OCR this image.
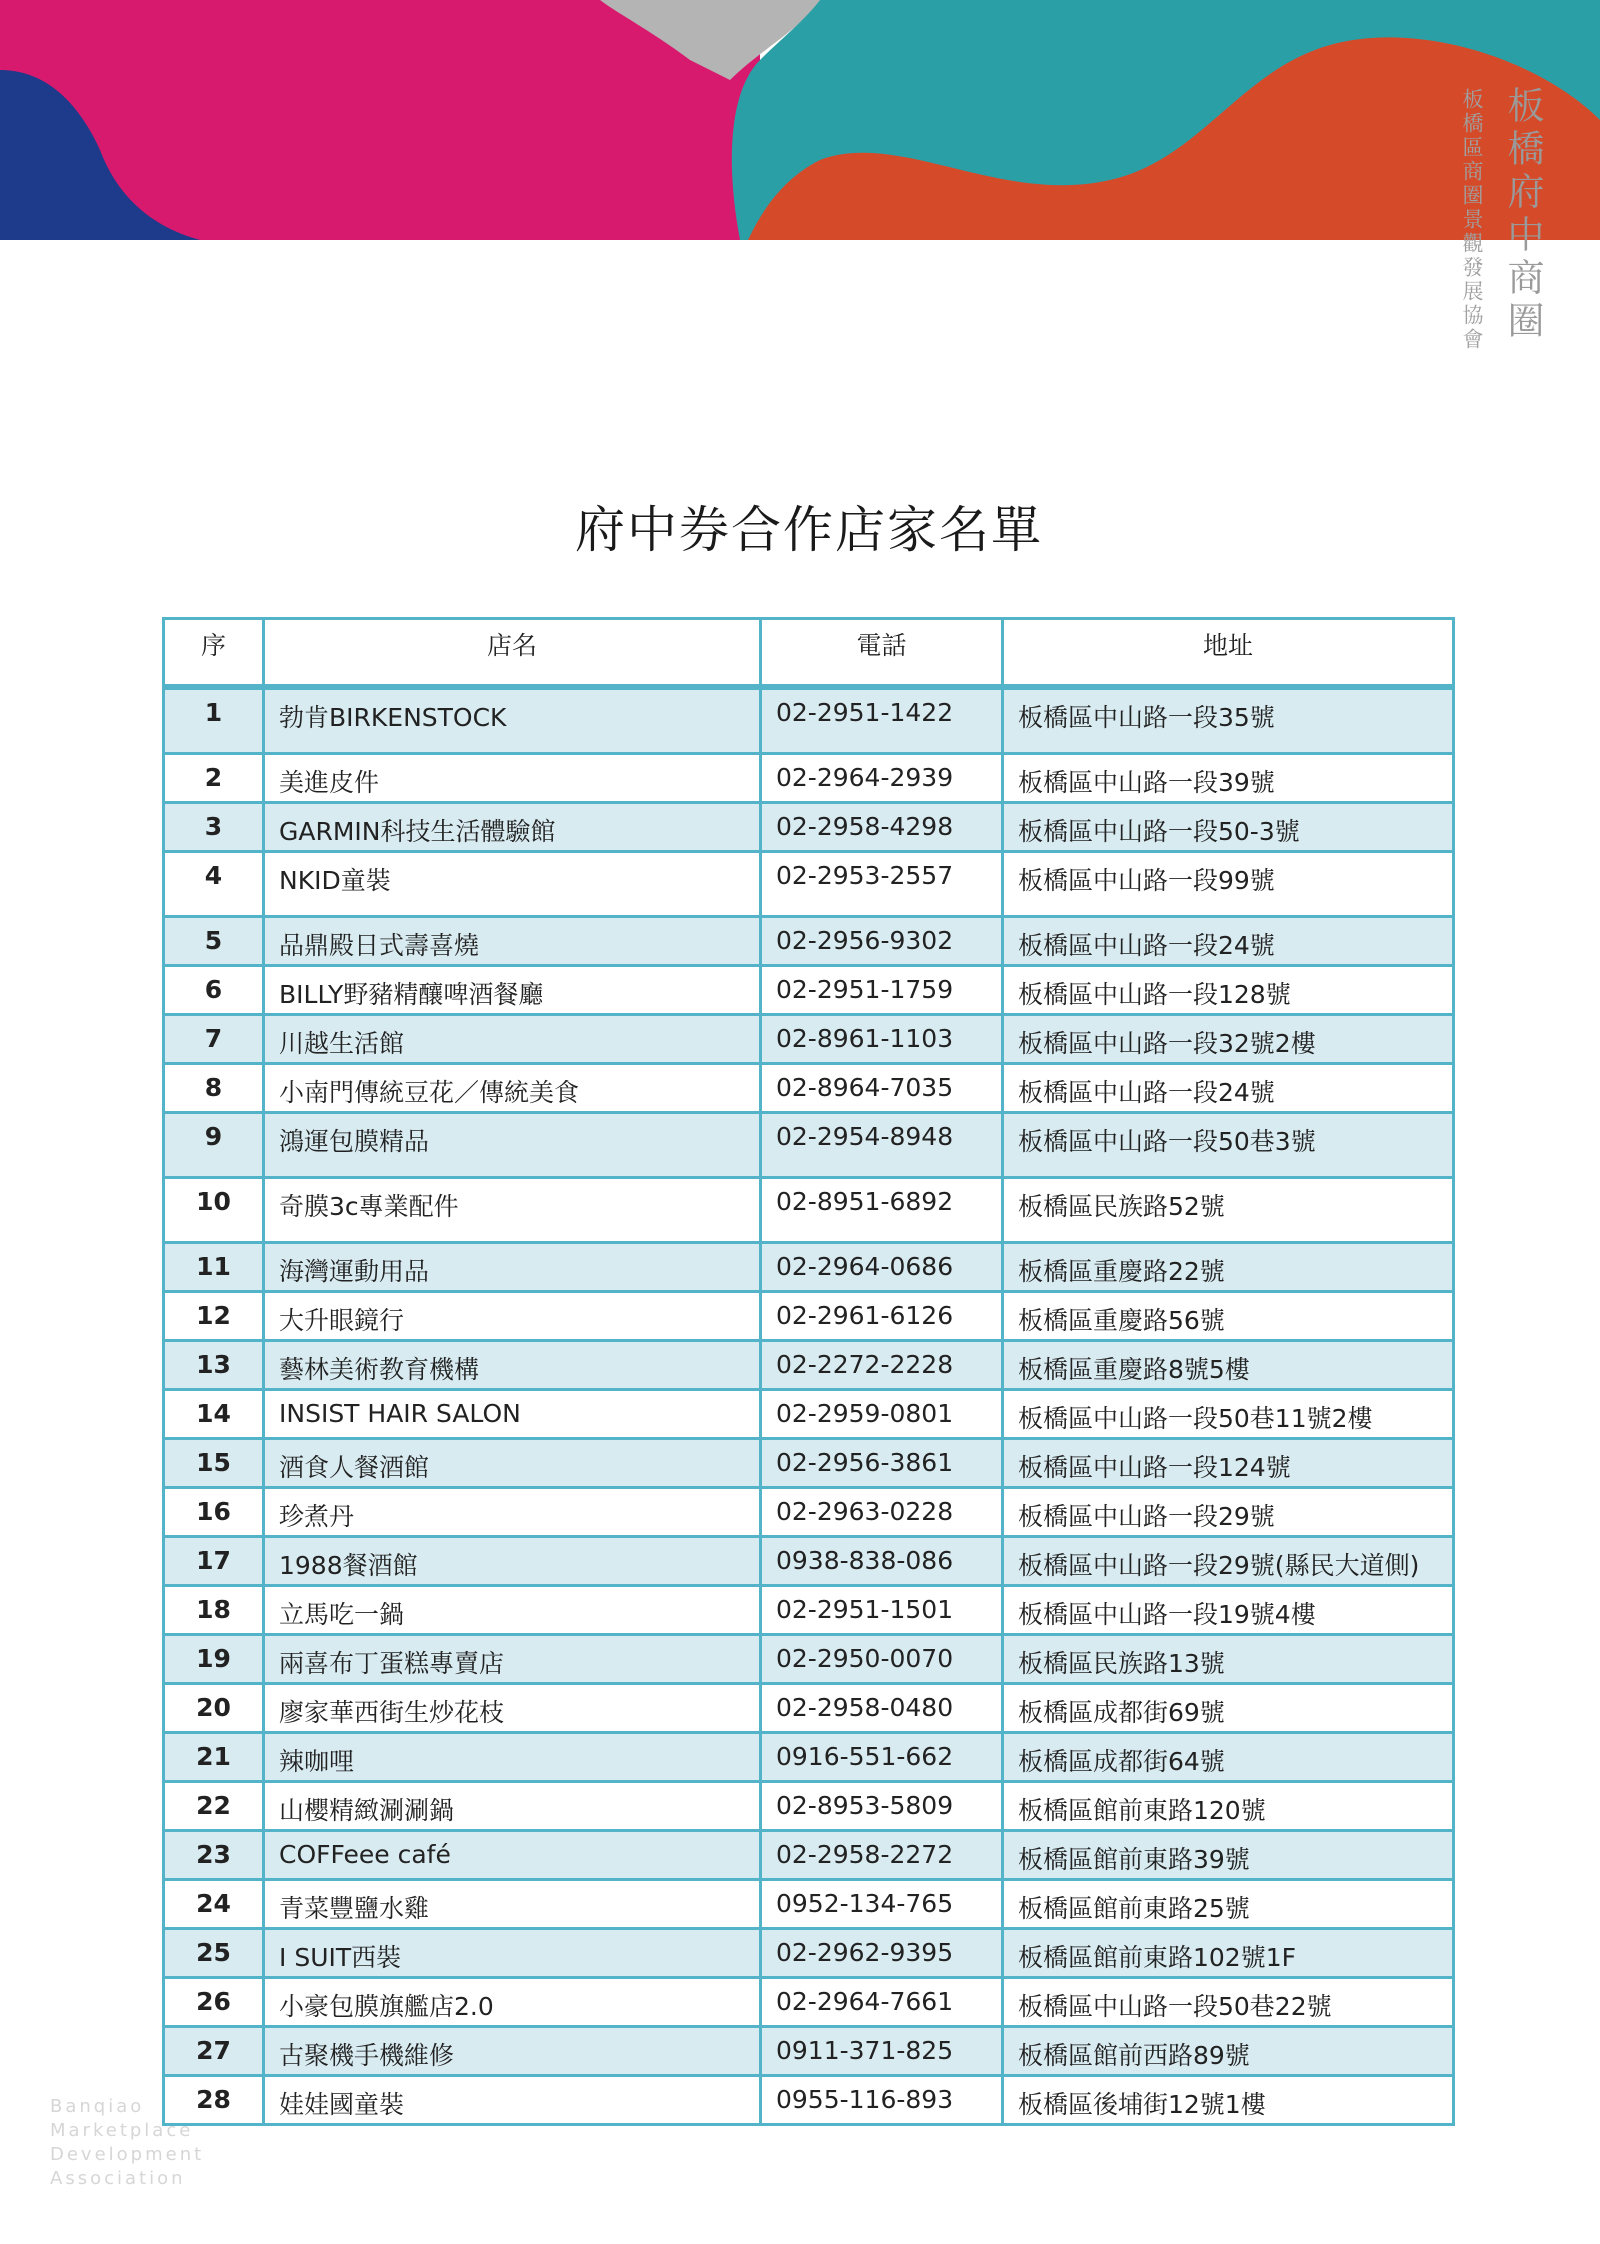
板橋府中商圈
板橋區商圈景觀發展協會
府中券合作店家名單
序	店名	電話	地址
1	勃肯BIRKENSTOCK	02-2951-1422	板橋區中山路一段35號
2	美進皮件	02-2964-2939	板橋區中山路一段39號
3	GARMIN科技生活體驗館	02-2958-4298	板橋區中山路一段50-3號
4	NKID童裝	02-2953-2557	板橋區中山路一段99號
5	品鼎殿日式壽喜燒	02-2956-9302	板橋區中山路一段24號
6	BILLY野豬精釀啤酒餐廳	02-2951-1759	板橋區中山路一段128號
7	川越生活館	02-8961-1103	板橋區中山路一段32號2樓
8	小南門傳統豆花／傳統美食	02-8964-7035	板橋區中山路一段24號
9	鴻運包膜精品	02-2954-8948	板橋區中山路一段50巷3號
10	奇膜3c專業配件	02-8951-6892	板橋區民族路52號
11	海灣運動用品	02-2964-0686	板橋區重慶路22號
12	大升眼鏡行	02-2961-6126	板橋區重慶路56號
13	藝林美術教育機構	02-2272-2228	板橋區重慶路8號5樓
14	INSIST HAIR SALON	02-2959-0801	板橋區中山路一段50巷11號2樓
15	酒食人餐酒館	02-2956-3861	板橋區中山路一段124號
16	珍煮丹	02-2963-0228	板橋區中山路一段29號
17	1988餐酒館	0938-838-086	板橋區中山路一段29號(縣民大道側)
18	立馬吃一鍋	02-2951-1501	板橋區中山路一段19號4樓
19	兩喜布丁蛋糕專賣店	02-2950-0070	板橋區民族路13號
20	廖家華西街生炒花枝	02-2958-0480	板橋區成都街69號
21	辣咖哩	0916-551-662	板橋區成都街64號
22	山櫻精緻涮涮鍋	02-8953-5809	板橋區館前東路120號
23	COFFeee café	02-2958-2272	板橋區館前東路39號
24	青菜豐鹽水雞	0952-134-765	板橋區館前東路25號
25	I SUIT西裝	02-2962-9395	板橋區館前東路102號1F
26	小豪包膜旗艦店2.0	02-2964-7661	板橋區中山路一段50巷22號
27	古聚機手機維修	0911-371-825	板橋區館前西路89號
28	娃娃國童裝	0955-116-893	板橋區後埔街12號1樓
Banqiao
Marketplace
Development
Association
